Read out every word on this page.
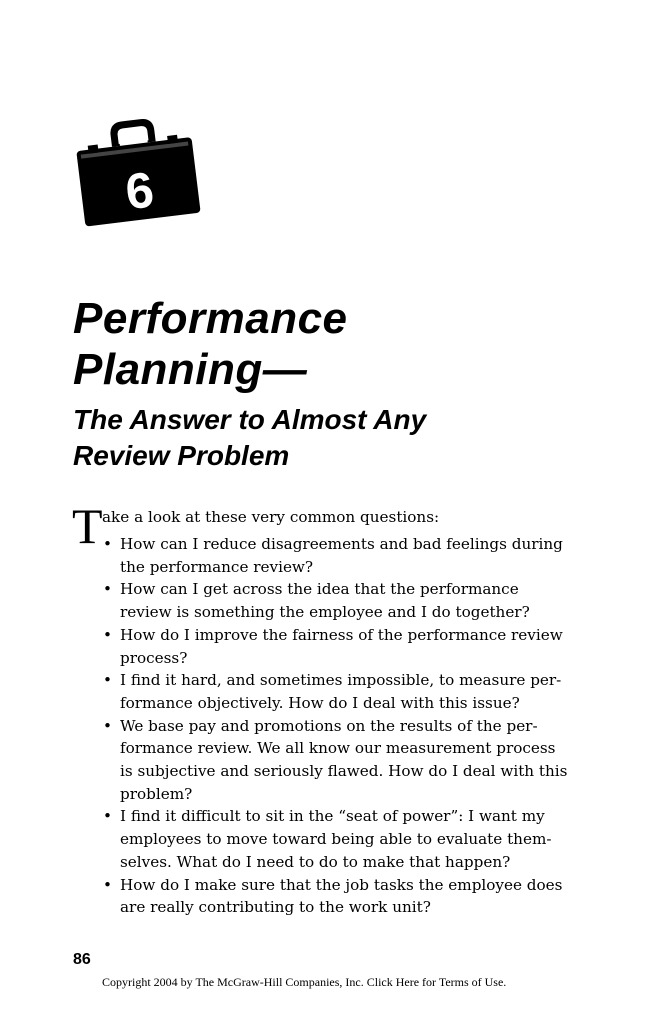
6
Performance
Planning—
The Answer to Almost Any
Review Problem
T ake a look at these very common questions:
• How can I reduce disagreements and bad feelings during
the performance review?
• How can I get across the idea that the performance
review is something the employee and I do together?
• How do I improve the fairness of the performance review
process?
• I find it hard, and sometimes impossible, to measure per-
formance objectively. How do I deal with this issue?
• We base pay and promotions on the results of the per-
formance review. We all know our measurement process
is subjective and seriously flawed. How do I deal with this
problem?
• I find it difficult to sit in the “seat of power”: I want my
employees to move toward being able to evaluate them-
selves. What do I need to do to make that happen?
• How do I make sure that the job tasks the employee does
are really contributing to the work unit?
86
Copyright 2004 by The McGraw-Hill Companies, Inc. Click Here for Terms of Use.
